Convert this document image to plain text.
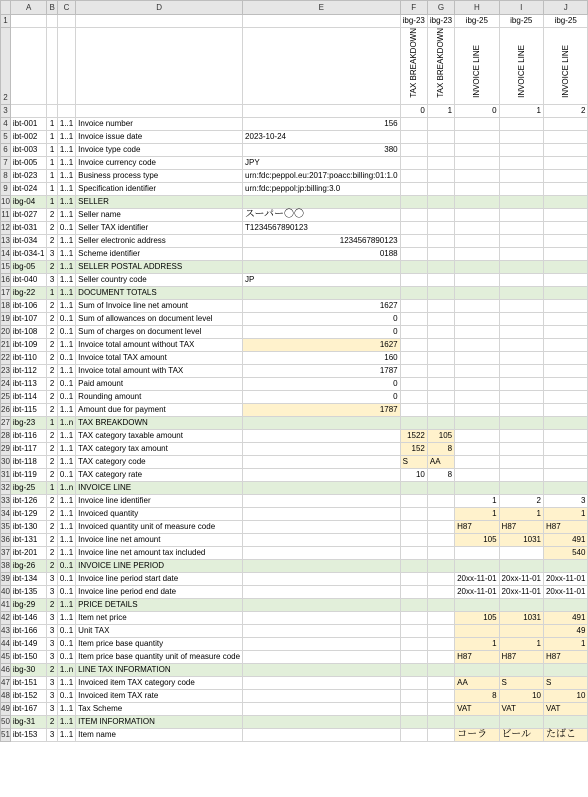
	A	B	C	D	E	F	G	H	I	J
1						ibg-23	ibg-23	ibg-25	ibg-25	ibg-25
2						TAX BREAKDOWN	TAX BREAKDOWN	INVOICE LINE	INVOICE LINE	INVOICE LINE
3						0	1	0	1	2
4	ibt-001	1	1..1	Invoice number	156					
5	ibt-002	1	1..1	Invoice issue date	2023-10-24					
6	ibt-003	1	1..1	Invoice type code	380					
7	ibt-005	1	1..1	Invoice currency code	JPY					
8	ibt-023	1	1..1	Business process type	urn:fdc:peppol.eu:2017:poacc:billing:01:1.0					
9	ibt-024	1	1..1	Specification identifier	urn:fdc:peppol:jp:billing:3.0					
10	ibg-04	1	1..1	SELLER						
11	ibt-027	2	1..1	Seller name	スーパー〇〇					
12	ibt-031	2	0..1	Seller TAX identifier	T1234567890123					
13	ibt-034	2	1..1	Seller electronic address	1234567890123					
14	ibt-034-1	3	1..1	Scheme identifier	0188					
15	ibg-05	2	1..1	SELLER POSTAL ADDRESS						
16	ibt-040	3	1..1	Seller country code	JP					
17	ibg-22	1	1..1	DOCUMENT TOTALS						
18	ibt-106	2	1..1	Sum of Invoice line net amount	1627					
19	ibt-107	2	0..1	Sum of allowances on document level	0					
20	ibt-108	2	0..1	Sum of charges on document level	0					
21	ibt-109	2	1..1	Invoice total amount without TAX	1627					
22	ibt-110	2	0..1	Invoice total TAX amount	160					
23	ibt-112	2	1..1	Invoice total amount with TAX	1787					
24	ibt-113	2	0..1	Paid amount	0					
25	ibt-114	2	0..1	Rounding amount	0					
26	ibt-115	2	1..1	Amount due for payment	1787					
27	ibg-23	1	1..n	TAX BREAKDOWN						
28	ibt-116	2	1..1	TAX category taxable amount		1522	105			
29	ibt-117	2	1..1	TAX category tax amount		152	8			
30	ibt-118	2	1..1	TAX category code		S	AA			
31	ibt-119	2	0..1	TAX category rate		10	8			
32	ibg-25	1	1..n	INVOICE LINE						
33	ibt-126	2	1..1	Invoice line identifier				1	2	3
34	ibt-129	2	1..1	Invoiced quantity				1	1	1
35	ibt-130	2	1..1	Invoiced quantity unit of measure code				H87	H87	H87
36	ibt-131	2	1..1	Invoice line net amount				105	1031	491
37	ibt-201	2	1..1	Invoice line net amount tax included						540
38	ibg-26	2	0..1	INVOICE LINE PERIOD						
39	ibt-134	3	0..1	Invoice line period start date				20xx-11-01	20xx-11-01	20xx-11-01
40	ibt-135	3	0..1	Invoice line period end date				20xx-11-01	20xx-11-01	20xx-11-01
41	ibg-29	2	1..1	PRICE DETAILS						
42	ibt-146	3	1..1	Item net price				105	1031	491
43	ibt-166	3	0..1	Unit TAX						49
44	ibt-149	3	0..1	Item price base quantity				1	1	1
45	ibt-150	3	0..1	Item price base quantity unit of measure code				H87	H87	H87
46	ibg-30	2	1..n	LINE TAX INFORMATION						
47	ibt-151	3	1..1	Invoiced item TAX category code				AA	S	S
48	ibt-152	3	0..1	Invoiced item TAX rate				8	10	10
49	ibt-167	3	1..1	Tax Scheme				VAT	VAT	VAT
50	ibg-31	2	1..1	ITEM INFORMATION						
51	ibt-153	3	1..1	Item name				コーラ	ビール	たばこ
